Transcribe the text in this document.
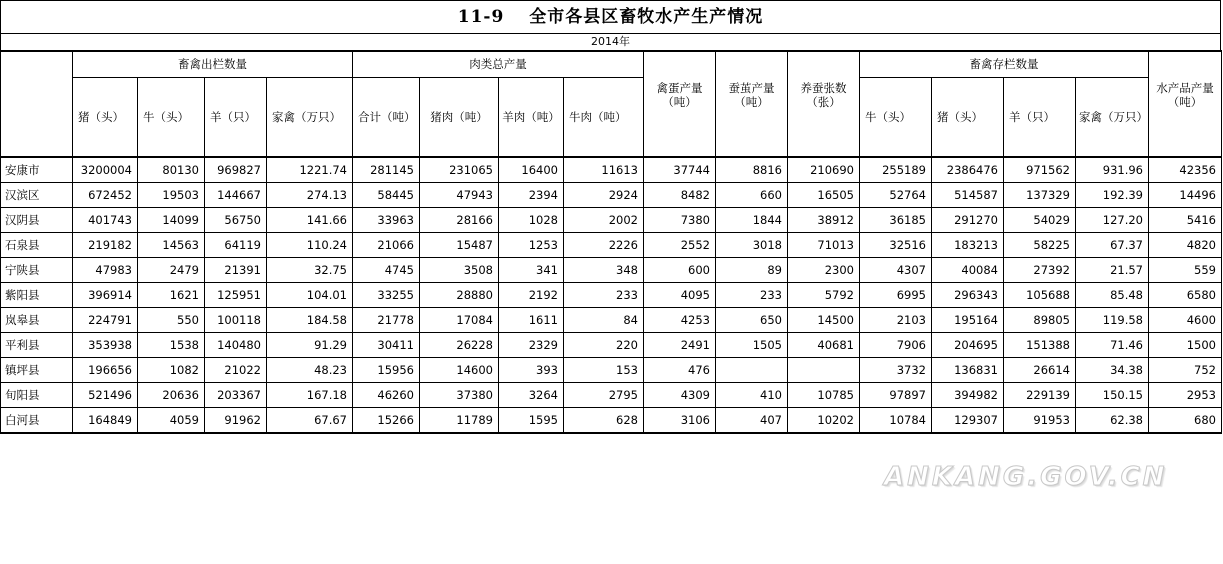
11-9　 全市各县区畜牧水产生产情况
2014年
	畜禽出栏数量				肉类总产量				禽蛋产量（吨）	蚕茧产量（吨）	养蚕张数（张）	畜禽存栏数量				水产品产量（吨）
	猪（头）	牛（头）	羊（只）	家禽（万只）	合计（吨）	猪肉（吨）	羊肉（吨）	牛肉（吨）				牛（头）	猪（头）	羊（只）	家禽（万只）	
安康市	3200004	80130	969827	1221.74	281145	231065	16400	11613	37744	8816	210690	255189	2386476	971562	931.96	42356
汉滨区	672452	19503	144667	274.13	58445	47943	2394	2924	8482	660	16505	52764	514587	137329	192.39	14496
汉阴县	401743	14099	56750	141.66	33963	28166	1028	2002	7380	1844	38912	36185	291270	54029	127.20	5416
石泉县	219182	14563	64119	110.24	21066	15487	1253	2226	2552	3018	71013	32516	183213	58225	67.37	4820
宁陕县	47983	2479	21391	32.75	4745	3508	341	348	600	89	2300	4307	40084	27392	21.57	559
紫阳县	396914	1621	125951	104.01	33255	28880	2192	233	4095	233	5792	6995	296343	105688	85.48	6580
岚皋县	224791	550	100118	184.58	21778	17084	1611	84	4253	650	14500	2103	195164	89805	119.58	4600
平利县	353938	1538	140480	91.29	30411	26228	2329	220	2491	1505	40681	7906	204695	151388	71.46	1500
镇坪县	196656	1082	21022	48.23	15956	14600	393	153	476			3732	136831	26614	34.38	752
旬阳县	521496	20636	203367	167.18	46260	37380	3264	2795	4309	410	10785	97897	394982	229139	150.15	2953
白河县	164849	4059	91962	67.67	15266	11789	1595	628	3106	407	10202	10784	129307	91953	62.38	680
ANKANG.GOV.CN
